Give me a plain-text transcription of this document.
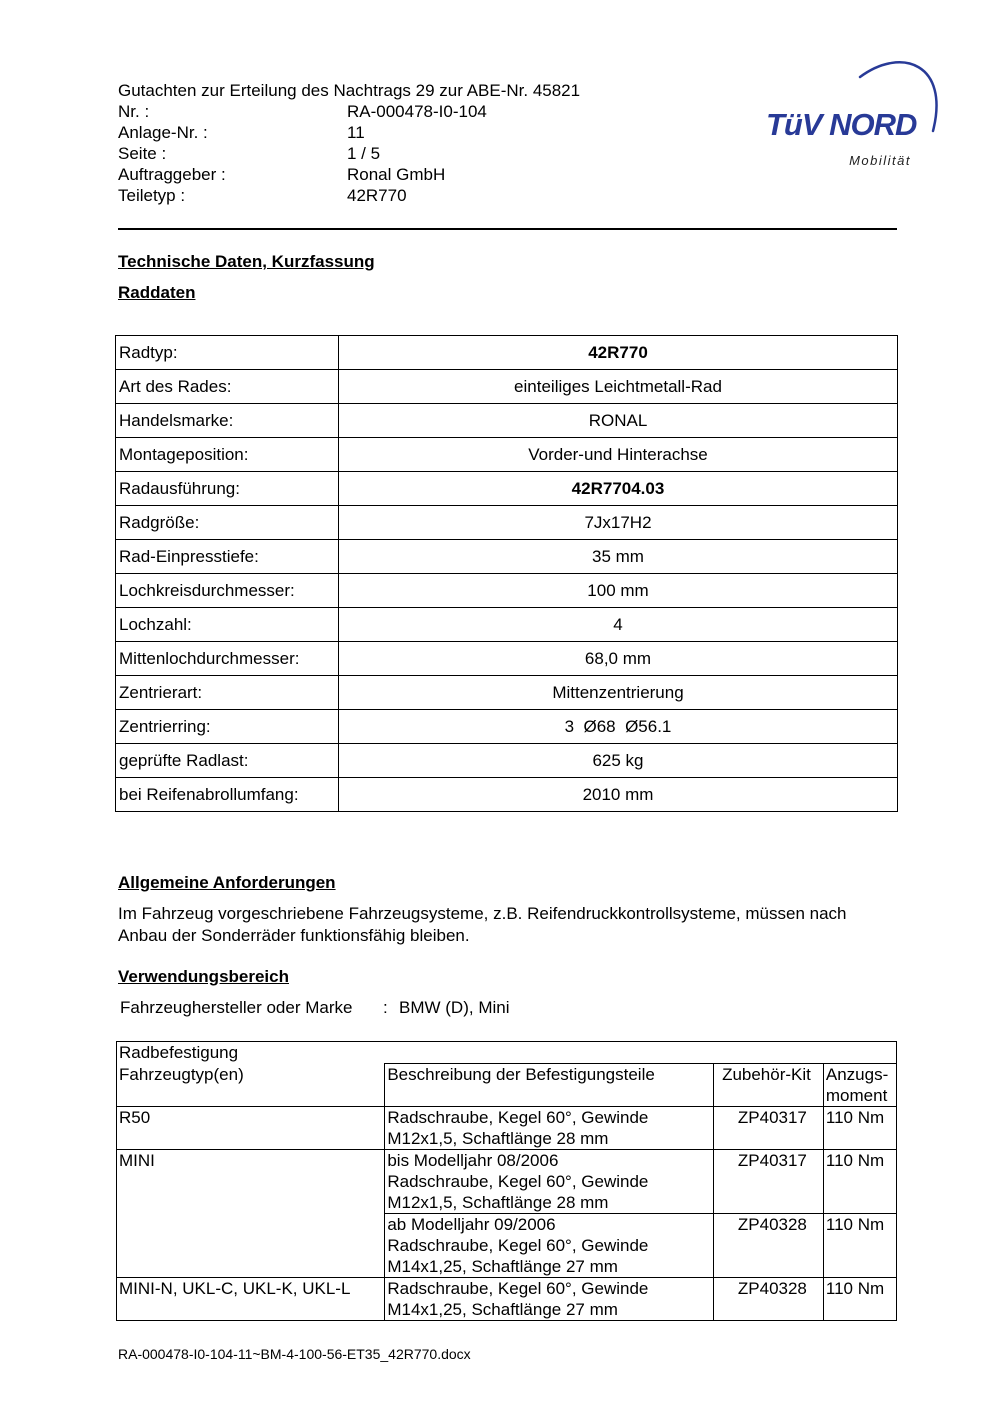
Gutachten zur Erteilung des Nachtrags 29 zur ABE-Nr. 45821
Nr. :	RA-000478-I0-104
Anlage-Nr. :	11
Seite :	1 / 5
Auftraggeber :	Ronal GmbH
Teiletyp :	42R770
TüV NORD
Mobilität
Technische Daten, Kurzfassung
Raddaten
Radtyp:	42R770
Art des Rades:	einteiliges Leichtmetall-Rad
Handelsmarke:	RONAL
Montageposition:	Vorder-und Hinterachse
Radausführung:	42R7704.03
Radgröße:	7Jx17H2
Rad-Einpresstiefe:	35 mm
Lochkreisdurchmesser:	100 mm
Lochzahl:	4
Mittenlochdurchmesser:	68,0 mm
Zentrierart:	Mittenzentrierung
Zentrierring:	3  Ø68  Ø56.1
geprüfte Radlast:	625 kg
bei Reifenabrollumfang:	2010 mm
Allgemeine Anforderungen
Im Fahrzeug vorgeschriebene Fahrzeugsysteme, z.B. Reifendruckkontrollsysteme, müssen nach Anbau der Sonderräder funktionsfähig bleiben.
Verwendungsbereich
Fahrzeughersteller oder Marke : BMW (D), Mini
Radbefestigung			
Fahrzeugtyp(en)	Beschreibung der Befestigungsteile	Zubehör-Kit	Anzugs-
moment
R50	Radschraube, Kegel 60°, Gewinde
M12x1,5, Schaftlänge 28 mm	ZP40317	110 Nm
MINI	bis Modelljahr 08/2006
Radschraube, Kegel 60°, Gewinde
M12x1,5, Schaftlänge 28 mm	ZP40317	110 Nm
	ab Modelljahr 09/2006
Radschraube, Kegel 60°, Gewinde
M14x1,25, Schaftlänge 27 mm	ZP40328	110 Nm
MINI-N, UKL-C, UKL-K, UKL-L	Radschraube, Kegel 60°, Gewinde
M14x1,25, Schaftlänge 27 mm	ZP40328	110 Nm
RA-000478-I0-104-11~BM-4-100-56-ET35_42R770.docx
